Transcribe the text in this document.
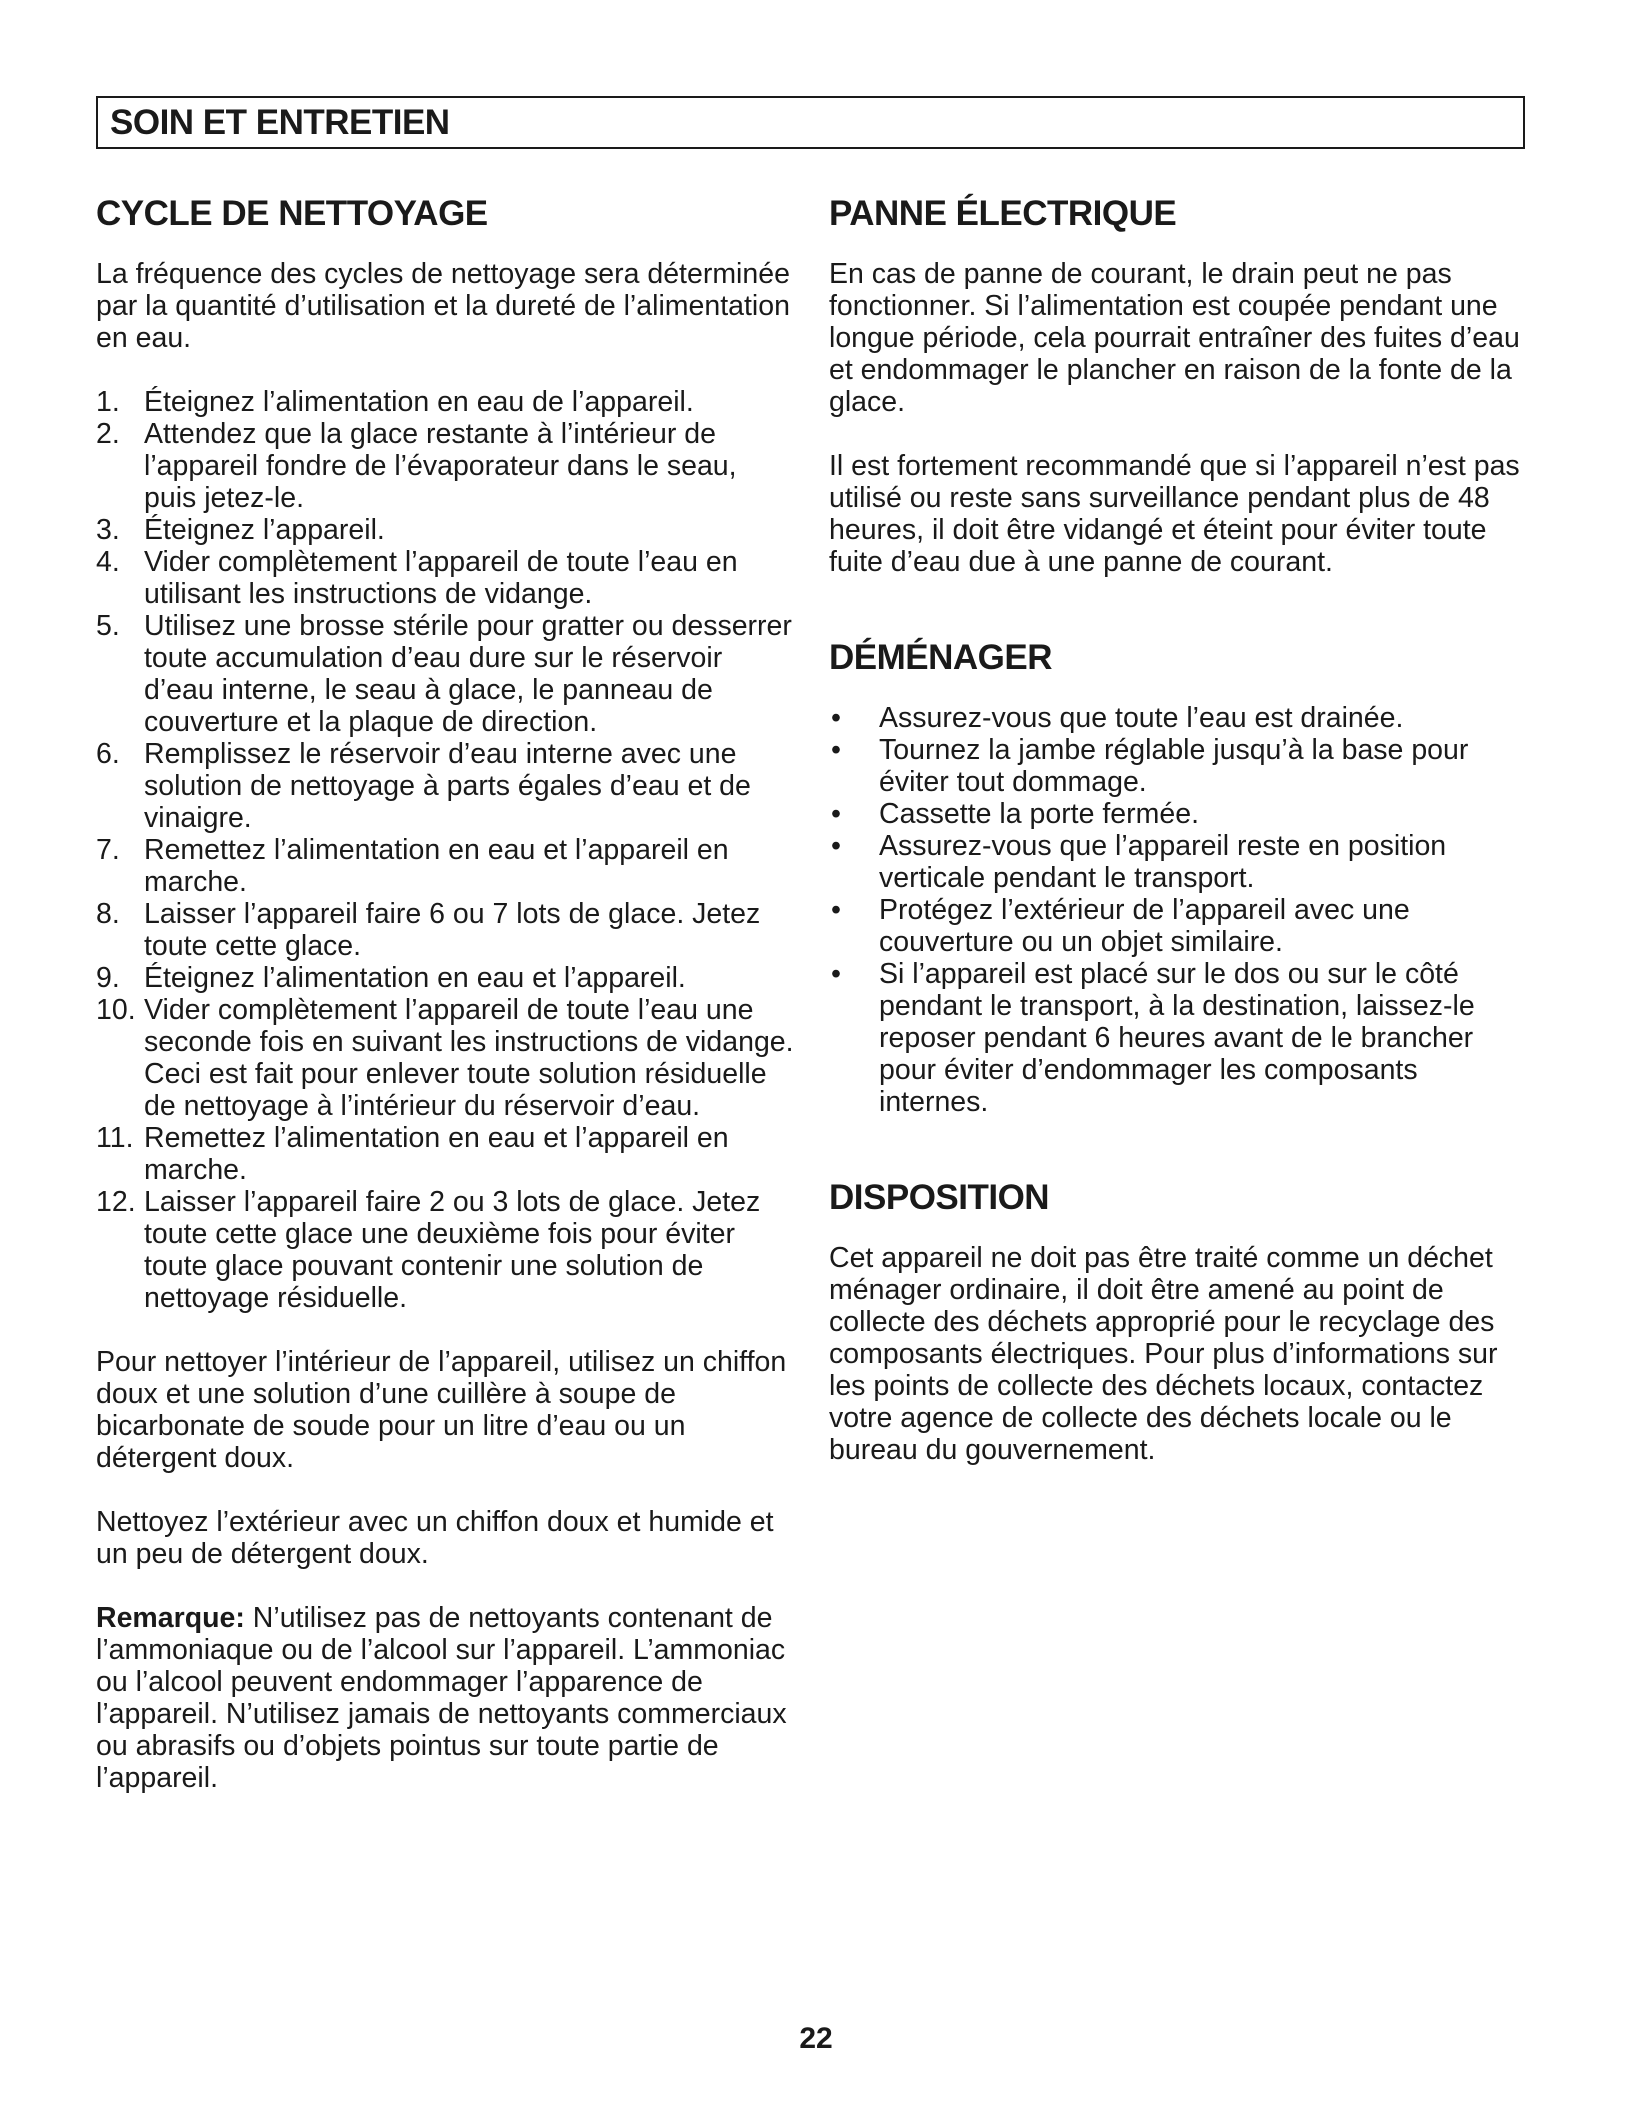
SOIN ET ENTRETIEN
CYCLE DE NETTOYAGE

La fréquence des cycles de nettoyage sera déterminée par la quantité d’utilisation et la dureté de l’alimentation en eau.

1. Éteignez l’alimentation en eau de l’appareil.
2. Attendez que la glace restante à l’intérieur de l’appareil fondre de l’évaporateur dans le seau, puis jetez-le.
3. Éteignez l’appareil.
4. Vider complètement l’appareil de toute l’eau en utilisant les instructions de vidange.
5. Utilisez une brosse stérile pour gratter ou desserrer toute accumulation d’eau dure sur le réservoir d’eau interne, le seau à glace, le panneau de couverture et la plaque de direction.
6. Remplissez le réservoir d’eau interne avec une solution de nettoyage à parts égales d’eau et de vinaigre.
7. Remettez l’alimentation en eau et l’appareil en marche.
8. Laisser l’appareil faire 6 ou 7 lots de glace. Jetez toute cette glace.
9. Éteignez l’alimentation en eau et l’appareil.
10. Vider complètement l’appareil de toute l’eau une seconde fois en suivant les instructions de vidange. Ceci est fait pour enlever toute solution résiduelle de nettoyage à l’intérieur du réservoir d’eau.
11. Remettez l’alimentation en eau et l’appareil en marche.
12. Laisser l’appareil faire 2 ou 3 lots de glace. Jetez toute cette glace une deuxième fois pour éviter toute glace pouvant contenir une solution de nettoyage résiduelle.

Pour nettoyer l’intérieur de l’appareil, utilisez un chiffon doux et une solution d’une cuillère à soupe de bicarbonate de soude pour un litre d’eau ou un détergent doux.

Nettoyez l’extérieur avec un chiffon doux et humide et un peu de détergent doux.

Remarque: N’utilisez pas de nettoyants contenant de l’ammoniaque ou de l’alcool sur l’appareil. L’ammoniac ou l’alcool peuvent endommager l’apparence de l’appareil. N’utilisez jamais de nettoyants commerciaux ou abrasifs ou d’objets pointus sur toute partie de l’appareil.

PANNE ÉLECTRIQUE

En cas de panne de courant, le drain peut ne pas fonctionner. Si l’alimentation est coupée pendant une longue période, cela pourrait entraîner des fuites d’eau et endommager le plancher en raison de la fonte de la glace.

Il est fortement recommandé que si l’appareil n’est pas utilisé ou reste sans surveillance pendant plus de 48 heures, il doit être vidangé et éteint pour éviter toute fuite d’eau due à une panne de courant.

DÉMÉNAGER
•	Assurez-vous que toute l’eau est drainée.
•	Tournez la jambe réglable jusqu’à la base pour éviter tout dommage.
•	Cassette la porte fermée.
•	Assurez-vous que l’appareil reste en position verticale pendant le transport.
•	Protégez l’extérieur de l’appareil avec une couverture ou un objet similaire.
•	Si l’appareil est placé sur le dos ou sur le côté pendant le transport, à la destination, laissez-le reposer pendant 6 heures avant de le brancher pour éviter d’endommager les composants internes.
DISPOSITION

Cet appareil ne doit pas être traité comme un déchet ménager ordinaire, il doit être amené au point de collecte des déchets approprié pour le recyclage des composants électriques. Pour plus d’informations sur les points de collecte des déchets locaux, contactez votre agence de collecte des déchets locale ou le bureau du gouvernement.

22
